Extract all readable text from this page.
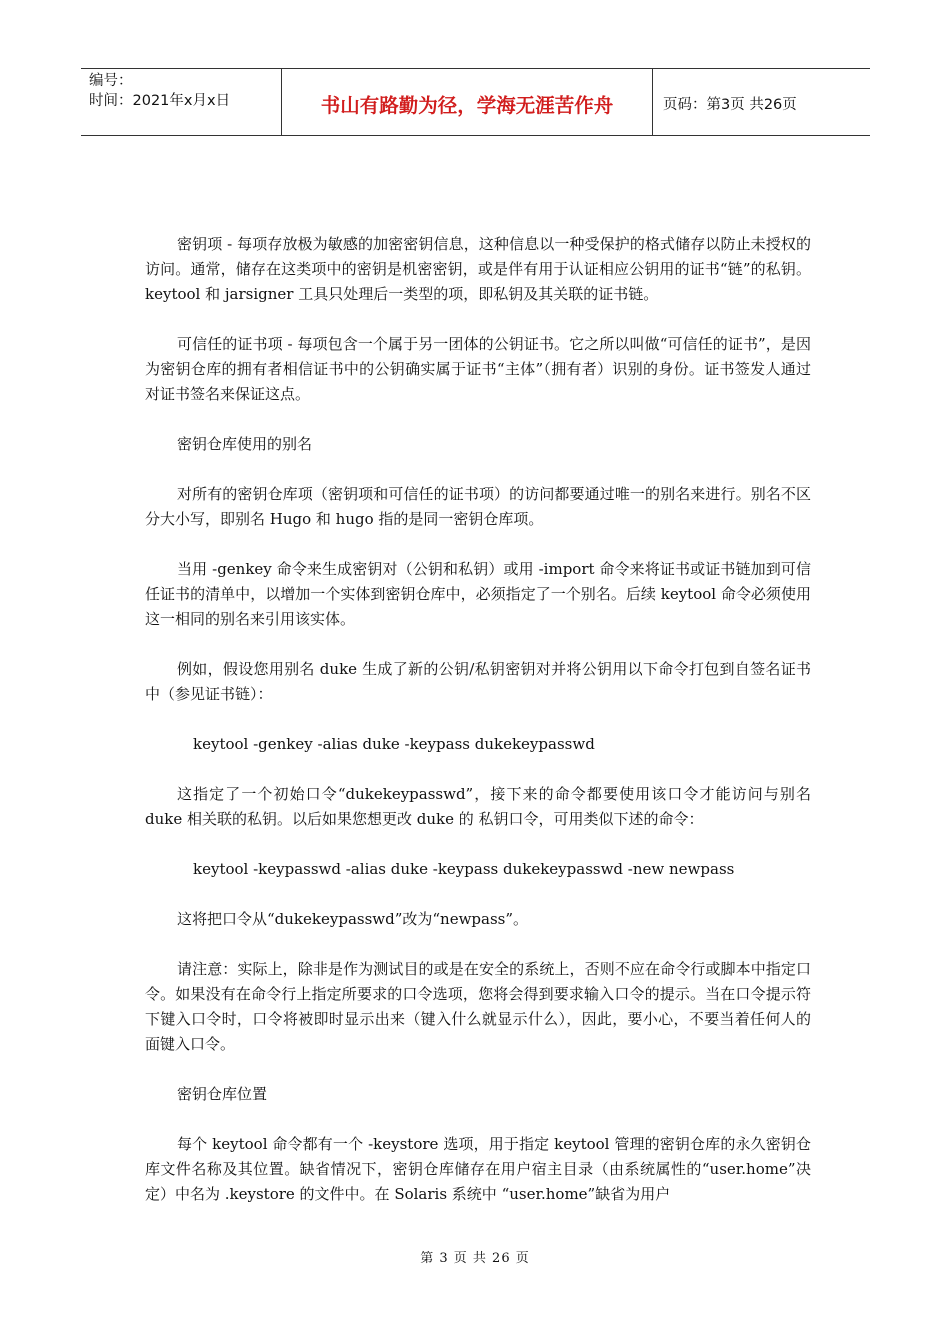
编号：
时间：2021年x月x日	书山有路勤为径，学海无涯苦作舟	页码：第3页 共26页

密钥项 - 每项存放极为敏感的加密密钥信息，这种信息以一种受保护的格式储存以防止未授权的访问。通常，储存在这类项中的密钥是机密密钥，或是伴有用于认证相应公钥用的证书“链”的私钥。keytool 和 jarsigner 工具只处理后一类型的项，即私钥及其关联的证书链。

可信任的证书项 - 每项包含一个属于另一团体的公钥证书。它之所以叫做“可信任的证书”，是因为密钥仓库的拥有者相信证书中的公钥确实属于证书“主体”（拥有者）识别的身份。证书签发人通过对证书签名来保证这点。

密钥仓库使用的别名

对所有的密钥仓库项（密钥项和可信任的证书项）的访问都要通过唯一的别名来进行。别名不区分大小写，即别名 Hugo 和 hugo 指的是同一密钥仓库项。

当用 -genkey 命令来生成密钥对（公钥和私钥）或用 -import 命令来将证书或证书链加到可信任证书的清单中，以增加一个实体到密钥仓库中，必须指定了一个别名。后续 keytool 命令必须使用这一相同的别名来引用该实体。

例如，假设您用别名 duke 生成了新的公钥/私钥密钥对并将公钥用以下命令打包到自签名证书中（参见证书链）：

keytool -genkey -alias duke -keypass dukekeypasswd

这指定了一个初始口令“dukekeypasswd”，接下来的命令都要使用该口令才能访问与别名 duke 相关联的私钥。以后如果您想更改 duke 的 私钥口令，可用类似下述的命令：

keytool -keypasswd -alias duke -keypass dukekeypasswd -new newpass

这将把口令从“dukekeypasswd”改为“newpass”。

请注意：实际上，除非是作为测试目的或是在安全的系统上，否则不应在命令行或脚本中指定口令。如果没有在命令行上指定所要求的口令选项，您将会得到要求输入口令的提示。当在口令提示符下键入口令时，口令将被即时显示出来（键入什么就显示什么），因此，要小心，不要当着任何人的面键入口令。

密钥仓库位置

每个 keytool 命令都有一个 -keystore 选项，用于指定 keytool 管理的密钥仓库的永久密钥仓库文件名称及其位置。缺省情况下，密钥仓库储存在用户宿主目录（由系统属性的“user.home”决定）中名为 .keystore 的文件中。在 Solaris 系统中 “user.home”缺省为用户

第 3 页 共 26 页
